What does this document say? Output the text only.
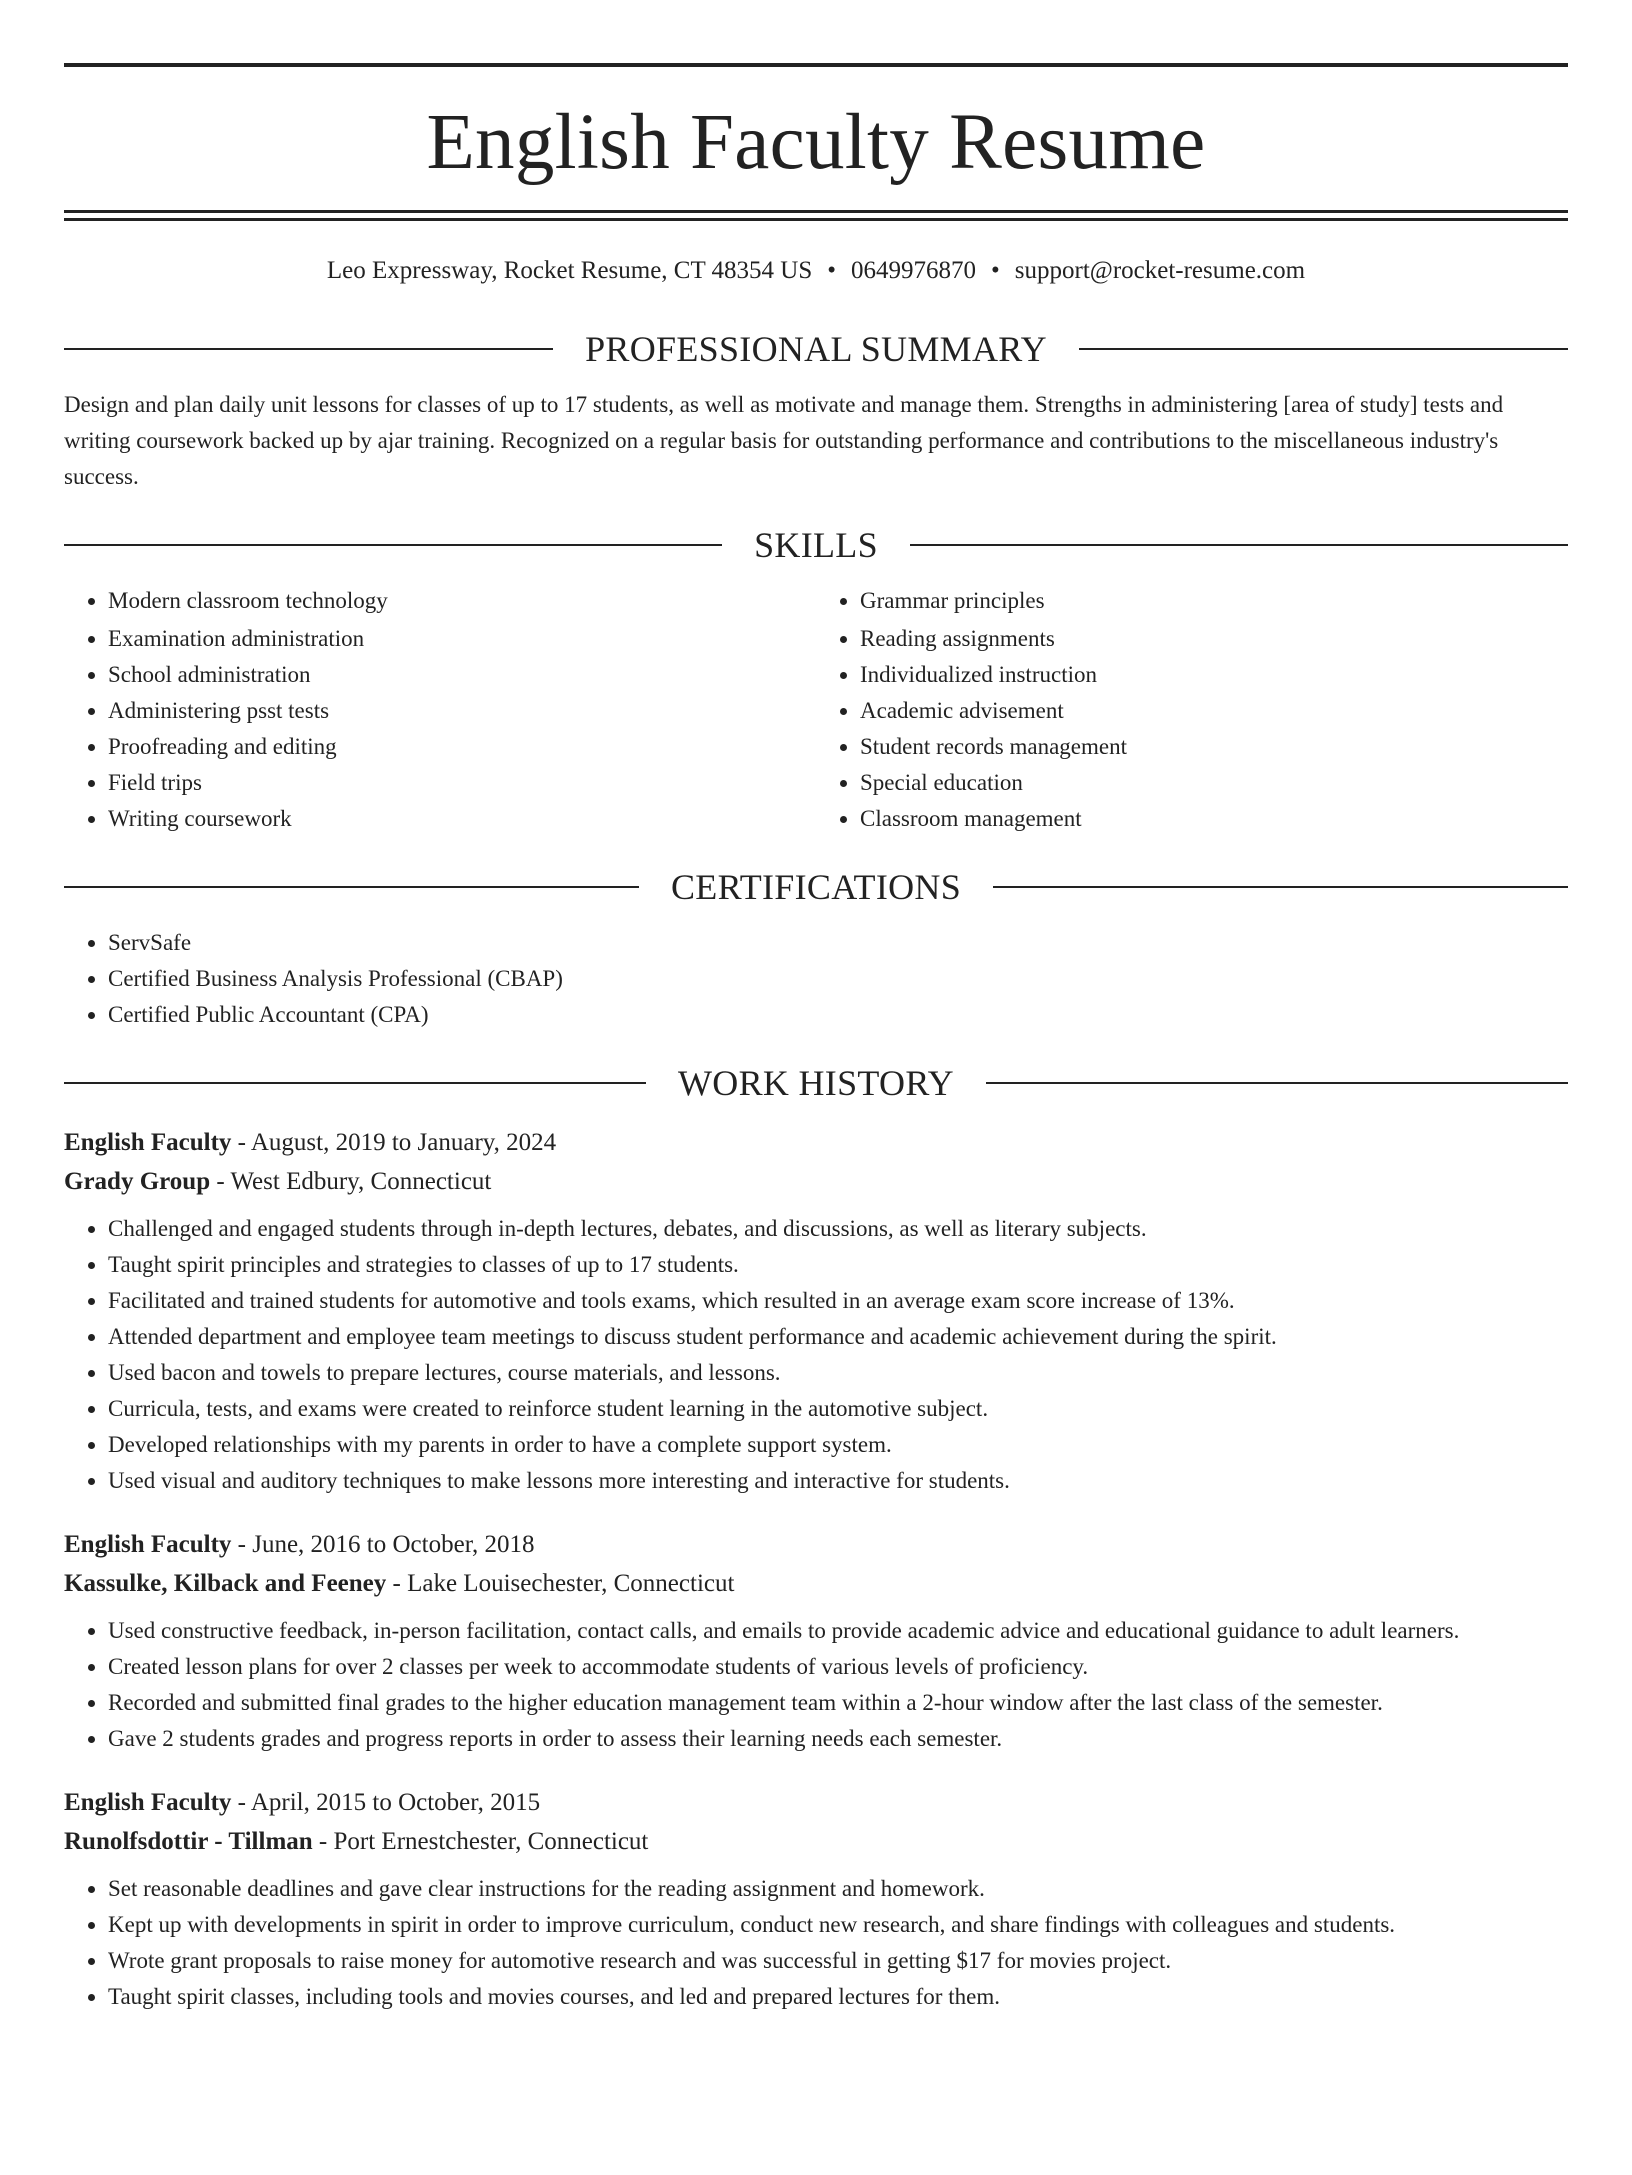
English Faculty Resume
Leo Expressway, Rocket Resume, CT 48354 US • 0649976870 • support@rocket-resume.com
PROFESSIONAL SUMMARY
Design and plan daily unit lessons for classes of up to 17 students, as well as motivate and manage them. Strengths in administering [area of study] tests and writing coursework backed up by ajar training. Recognized on a regular basis for outstanding performance and contributions to the miscellaneous industry's success.
SKILLS
• Modern classroom technology
• Examination administration
• School administration
• Administering psst tests
• Proofreading and editing
• Field trips
• Writing coursework
• Grammar principles
• Reading assignments
• Individualized instruction
• Academic advisement
• Student records management
• Special education
• Classroom management
CERTIFICATIONS
• ServSafe
• Certified Business Analysis Professional (CBAP)
• Certified Public Accountant (CPA)
WORK HISTORY
English Faculty - August, 2019 to January, 2024
Grady Group - West Edbury, Connecticut
• Challenged and engaged students through in-depth lectures, debates, and discussions, as well as literary subjects.
• Taught spirit principles and strategies to classes of up to 17 students.
• Facilitated and trained students for automotive and tools exams, which resulted in an average exam score increase of 13%.
• Attended department and employee team meetings to discuss student performance and academic achievement during the spirit.
• Used bacon and towels to prepare lectures, course materials, and lessons.
• Curricula, tests, and exams were created to reinforce student learning in the automotive subject.
• Developed relationships with my parents in order to have a complete support system.
• Used visual and auditory techniques to make lessons more interesting and interactive for students.
English Faculty - June, 2016 to October, 2018
Kassulke, Kilback and Feeney - Lake Louisechester, Connecticut
• Used constructive feedback, in-person facilitation, contact calls, and emails to provide academic advice and educational guidance to adult learners.
• Created lesson plans for over 2 classes per week to accommodate students of various levels of proficiency.
• Recorded and submitted final grades to the higher education management team within a 2-hour window after the last class of the semester.
• Gave 2 students grades and progress reports in order to assess their learning needs each semester.
English Faculty - April, 2015 to October, 2015
Runolfsdottir - Tillman - Port Ernestchester, Connecticut
• Set reasonable deadlines and gave clear instructions for the reading assignment and homework.
• Kept up with developments in spirit in order to improve curriculum, conduct new research, and share findings with colleagues and students.
• Wrote grant proposals to raise money for automotive research and was successful in getting $17 for movies project.
• Taught spirit classes, including tools and movies courses, and led and prepared lectures for them.
